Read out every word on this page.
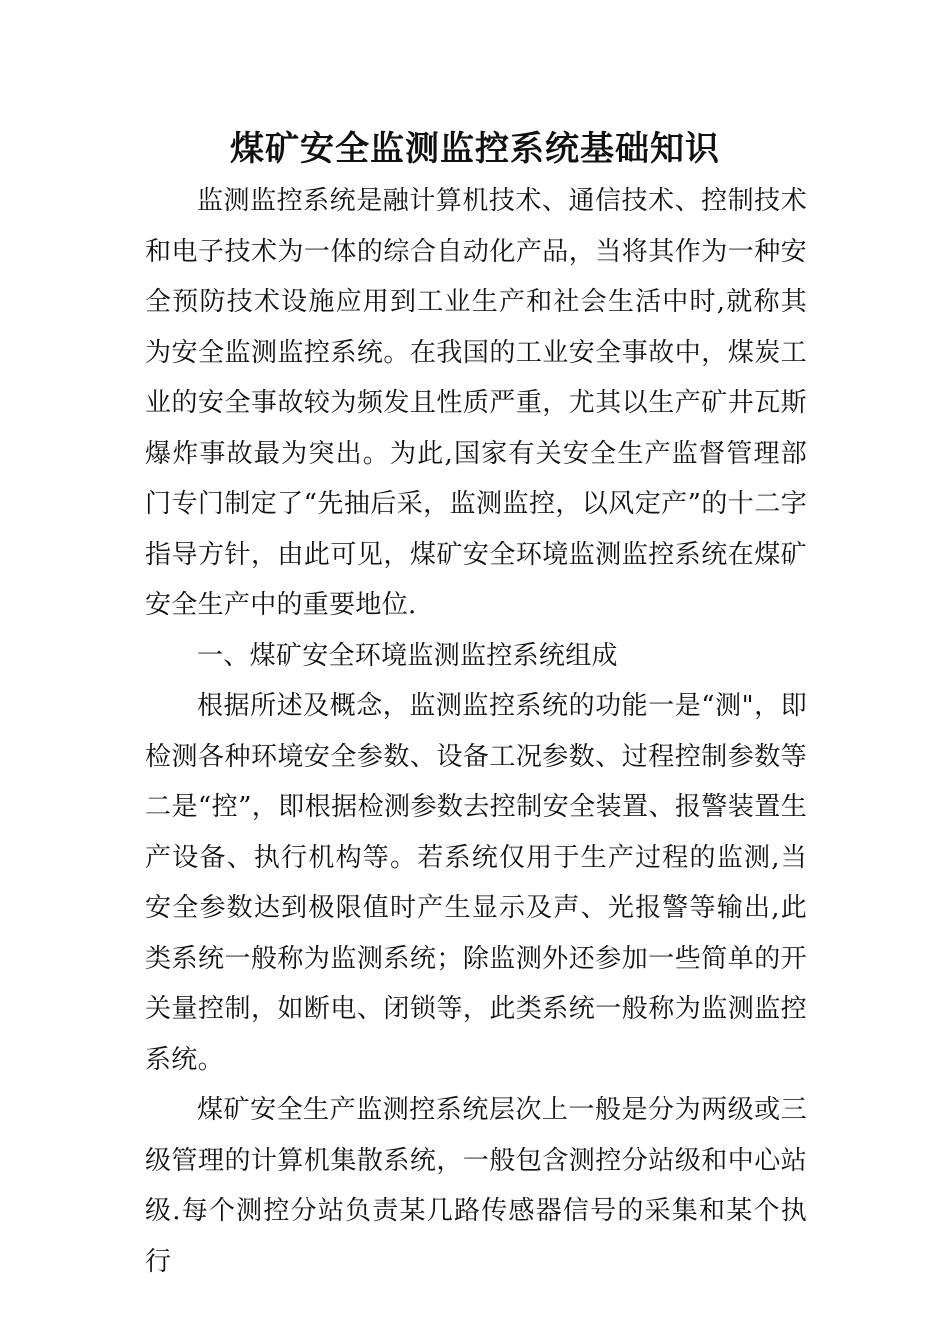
煤矿安全监测监控系统基础知识

监测监控系统是融计算机技术、通信技术、控制技术和电子技术为一体的综合自动化产品，当将其作为一种安全预防技术设施应用到工业生产和社会生活中时,就称其为安全监测监控系统。在我国的工业安全事故中，煤炭工业的安全事故较为频发且性质严重，尤其以生产矿井瓦斯爆炸事故最为突出。为此,国家有关安全生产监督管理部门专门制定了“先抽后采，监测监控，以风定产”的十二字指导方针，由此可见，煤矿安全环境监测监控系统在煤矿安全生产中的重要地位.

一、煤矿安全环境监测监控系统组成

根据所述及概念，监测监控系统的功能一是“测"，即检测各种环境安全参数、设备工况参数、过程控制参数等二是“控”，即根据检测参数去控制安全装置、报警装置生产设备、执行机构等。若系统仅用于生产过程的监测,当安全参数达到极限值时产生显示及声、光报警等输出,此类系统一般称为监测系统；除监测外还参加一些简单的开关量控制，如断电、闭锁等，此类系统一般称为监测监控系统。

煤矿安全生产监测控系统层次上一般是分为两级或三级管理的计算机集散系统，一般包含测控分站级和中心站级.每个测控分站负责某几路传感器信号的采集和某个执行
